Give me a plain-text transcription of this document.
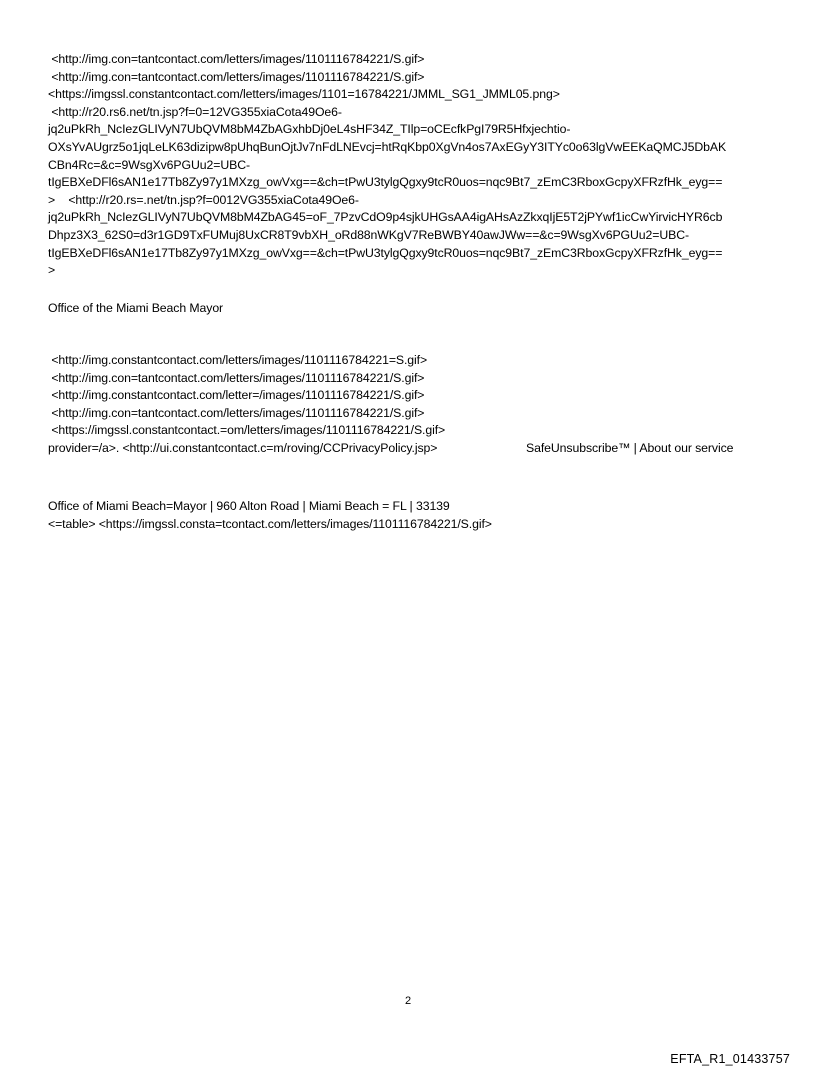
<http://img.con=tantcontact.com/letters/images/1101116784221/S.gif>
<http://img.con=tantcontact.com/letters/images/1101116784221/S.gif>
<https://imgssl.constantcontact.com/letters/images/1101=16784221/JMML_SG1_JMML05.png>
<http://r20.rs6.net/tn.jsp?f=0=12VG355xiaCota49Oe6-
jq2uPkRh_NcIezGLIVyN7UbQVM8bM4ZbAGxhbDj0eL4sHF34Z_TIlp=oCEcfkPgI79R5Hfxjechtio-
OXsYvAUgrz5o1jqLeLK63dizipw8pUhqBunOjtJv7nFdLNEvcj=htRqKbp0XgVn4os7AxEGyY3ITYc0o63lgVwEEKaQMCJ5DbAK
CBn4Rc=&c=9WsgXv6PGUu2=UBC-
tIgEBXeDFl6sAN1e17Tb8Zy97y1MXzg_owVxg==&ch=tPwU3tylgQgxy9tcR0uos=nqc9Bt7_zEmC3RboxGcpyXFRzfHk_eyg==
>    <http://r20.rs=.net/tn.jsp?f=0012VG355xiaCota49Oe6-
jq2uPkRh_NcIezGLIVyN7UbQVM8bM4ZbAG45=oF_7PzvCdO9p4sjkUHGsAA4igAHsAzZkxqIjE5T2jPYwf1icCwYirvicHYR6cb
Dhpz3X3_62S0=d3r1GD9TxFUMuj8UxCR8T9vbXH_oRd88nWKgV7ReBWBY40awJWw==&c=9WsgXv6PGUu2=UBC-
tIgEBXeDFl6sAN1e17Tb8Zy97y1MXzg_owVxg==&ch=tPwU3tylgQgxy9tcR0uos=nqc9Bt7_zEmC3RboxGcpyXFRzfHk_eyg==
>
Office of the Miami Beach Mayor
<http://img.constantcontact.com/letters/images/1101116784221=S.gif>
<http://img.con=tantcontact.com/letters/images/1101116784221/S.gif>
<http://img.constantcontact.com/letter=/images/1101116784221/S.gif>
<http://img.con=tantcontact.com/letters/images/1101116784221/S.gif>
<https://imgssl.constantcontact.=om/letters/images/1101116784221/S.gif>
SafeUnsubscribe™ | About our service
provider=/a>. <http://ui.constantcontact.c=m/roving/CCPrivacyPolicy.jsp>
Office of Miami Beach=Mayor | 960 Alton Road | Miami Beach = FL | 33139
<=table> <https://imgssl.consta=tcontact.com/letters/images/1101116784221/S.gif>
2
EFTA_R1_01433757
